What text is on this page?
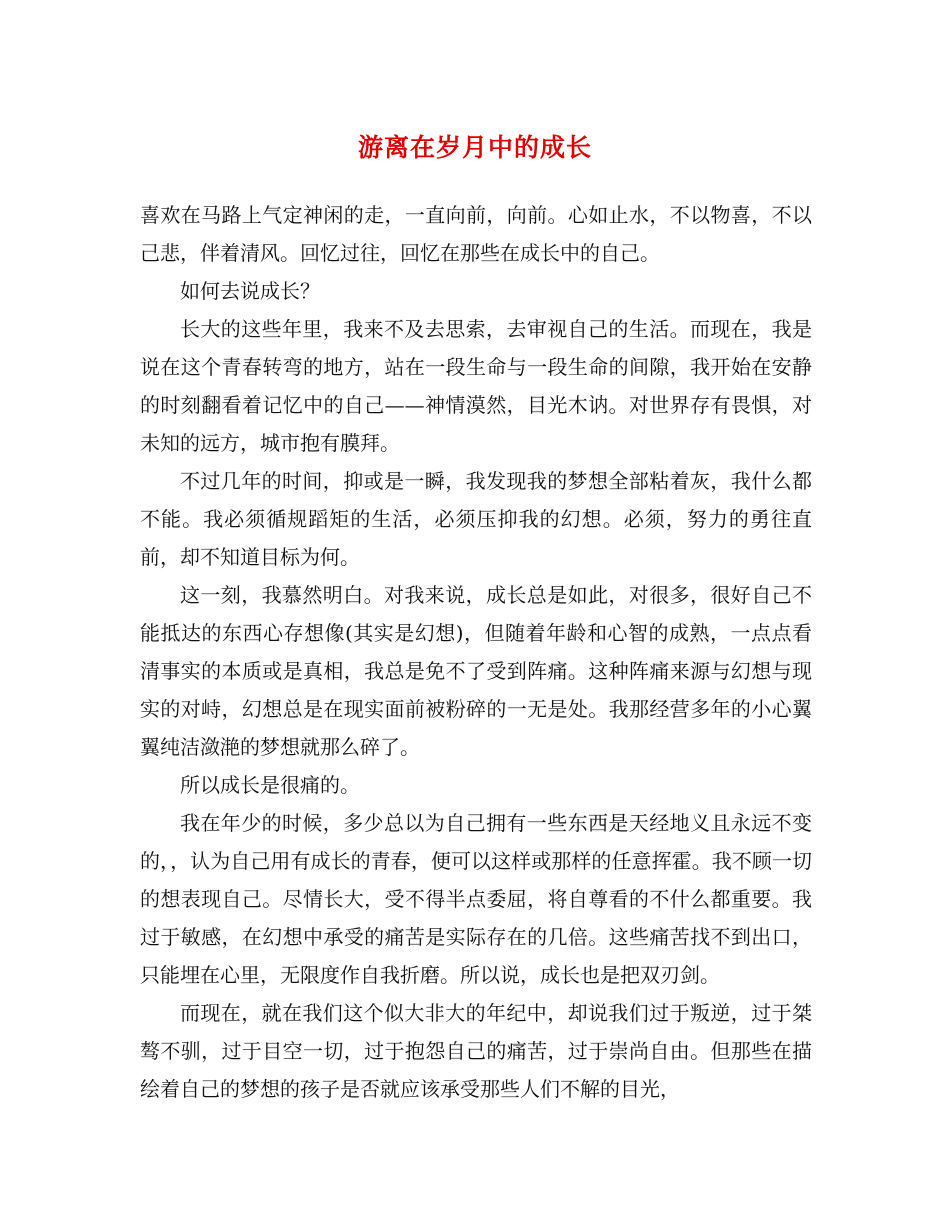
游离在岁月中的成长

喜欢在马路上气定神闲的走，一直向前，向前。心如止水，不以物喜，不以己悲，伴着清风。回忆过往，回忆在那些在成长中的自己。

如何去说成长？

长大的这些年里，我来不及去思索，去审视自己的生活。而现在，我是说在这个青春转弯的地方，站在一段生命与一段生命的间隙，我开始在安静的时刻翻看着记忆中的自己——神情漠然，目光木讷。对世界存有畏惧，对未知的远方，城市抱有膜拜。

不过几年的时间，抑或是一瞬，我发现我的梦想全部粘着灰，我什么都不能。我必须循规蹈矩的生活，必须压抑我的幻想。必须，努力的勇往直前，却不知道目标为何。

这一刻，我慕然明白。对我来说，成长总是如此，对很多，很好自己不能抵达的东西心存想像(其实是幻想)，但随着年龄和心智的成熟，一点点看清事实的本质或是真相，我总是免不了受到阵痛。这种阵痛来源与幻想与现实的对峙，幻想总是在现实面前被粉碎的一无是处。我那经营多年的小心翼翼纯洁潋滟的梦想就那么碎了。

所以成长是很痛的。

我在年少的时候，多少总以为自己拥有一些东西是天经地义且永远不变的，，认为自己用有成长的青春，便可以这样或那样的任意挥霍。我不顾一切的想表现自己。尽情长大，受不得半点委屈，将自尊看的不什么都重要。我过于敏感，在幻想中承受的痛苦是实际存在的几倍。这些痛苦找不到出口，只能埋在心里，无限度作自我折磨。所以说，成长也是把双刃剑。

而现在，就在我们这个似大非大的年纪中，却说我们过于叛逆，过于桀骜不驯，过于目空一切，过于抱怨自己的痛苦，过于崇尚自由。但那些在描绘着自己的梦想的孩子是否就应该承受那些人们不解的目光，
